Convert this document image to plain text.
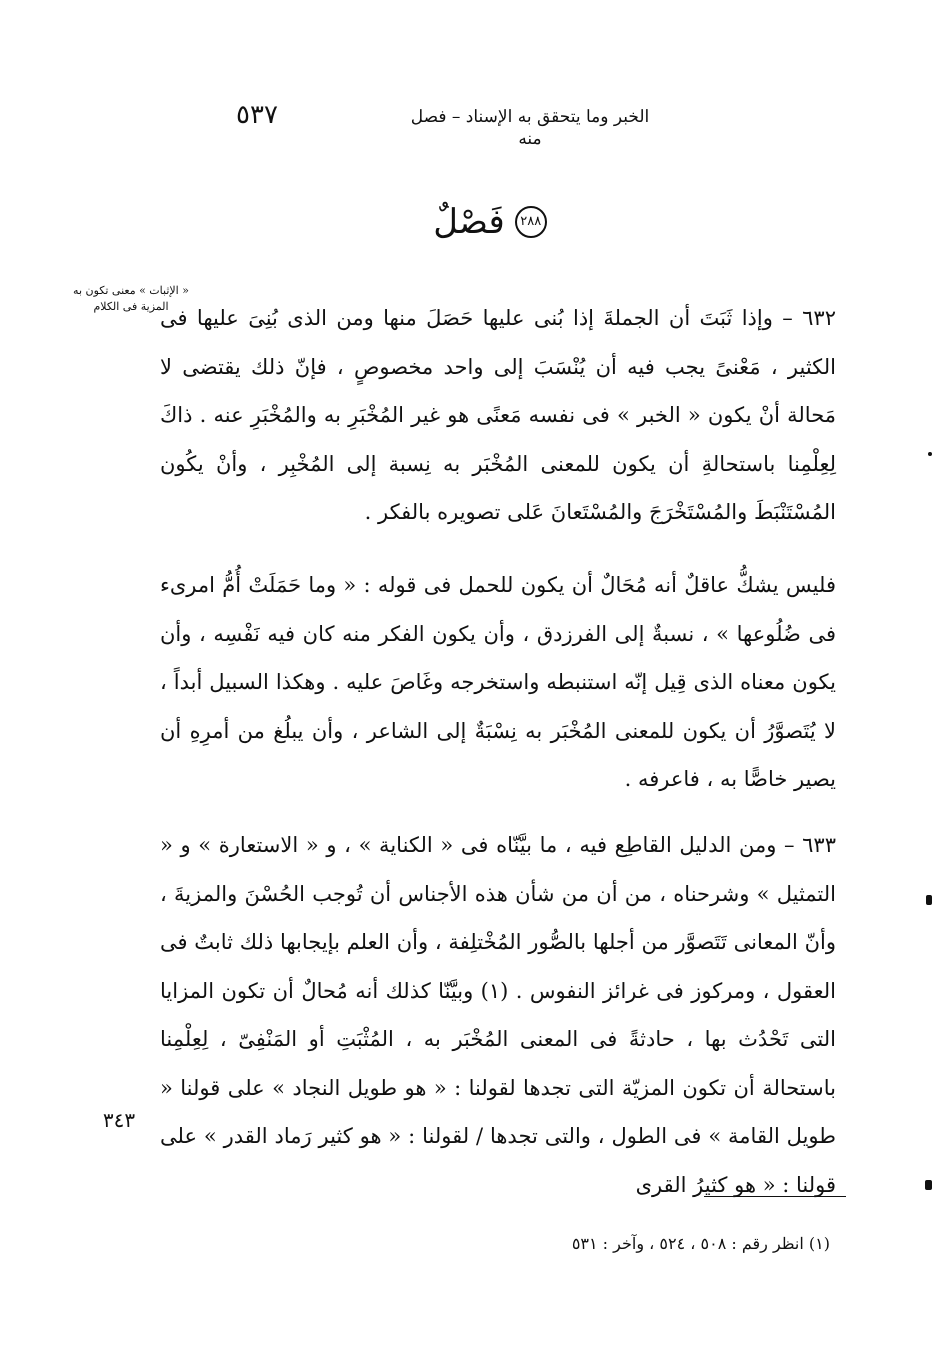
٥٣٧	الخبر وما يتحقق به الإسناد – فصل منه
٢٨٨
فَصْلٌ
« الإثبات » معنى تكون به المزية فى الكلام

٦٣٢ – وإذا ثَبَتَ أن الجملةَ إذا بُنى عليها حَصَلَ منها ومن الذى بُنِىَ عليها فى الكثير ، مَعْنىً يجب فيه أن يُنْسَبَ إلى واحد مخصوصٍ ، فإنّ ذلك يقتضى لا مَحالة أنْ يكون « الخبر » فى نفسه مَعنًى هو غير المُخْبَرِ به والمُخْبَرِ عنه . ذاكَ لِعِلْمِنا باستحالةِ أن يكون للمعنى المُخْبَر به نِسبة إلى المُخْبِر ، وأنْ يكُون المُسْتَنْبَطَ والمُسْتَخْرَجَ والمُسْتَعانَ عَلى تصويره بالفكر .

فليس يشكُّ عاقلٌ أنه مُحَالٌ أن يكون للحمل فى قوله : « وما حَمَلَتْ أُمُّ امرىء فى ضُلُوعها » ، نسبةٌ إلى الفرزدق ، وأن يكون الفكر منه كان فيه نَفْسِه ، وأن يكون معناه الذى قِيل إنّه استنبطه واستخرجه وغَاصَ عليه . وهكذا السبيل أبداً ، لا يُتَصوَّرُ أن يكون للمعنى المُخْبَر به نِسْبَةٌ إلى الشاعر ، وأن يبلُغ من أمرِهِ أن يصير خاصًّا به ، فاعرفه .

٦٣٣ – ومن الدليل القاطِع فيه ، ما بيَّنّاه فى « الكناية » ، و « الاستعارة » و « التمثيل » وشرحناه ، من أن من شأن هذه الأجناس أن تُوجب الحُسْنَ والمزيةَ ، وأنّ المعانى تَتَصوَّر من أجلها بالصُّور المُخْتلِفة ، وأن العلم بإيجابها ذلك ثابتٌ فى العقول ، ومركوز فى غرائز النفوس . (١) وبيَّنّا كذلك أنه مُحالٌ أن تكون المزايا التى تَحْدُث بها ، حادثةً فى المعنى المُخْبَر به ، المُثْبَتِ أو المَنْفِىّ ، لِعِلْمِنا باستحالة أن تكون المزيّة التى تجدها لقولنا : « هو طويل النجاد » على قولنا « طويل القامة » فى الطول ، والتى تجدها / لقولنا : « هو كثير رَماد القدر » على قولنا : « هو كثيرُ القرى

٣٤٣
(١) انظر رقم : ٥٠٨ ، ٥٢٤ ، وآخر : ٥٣١
